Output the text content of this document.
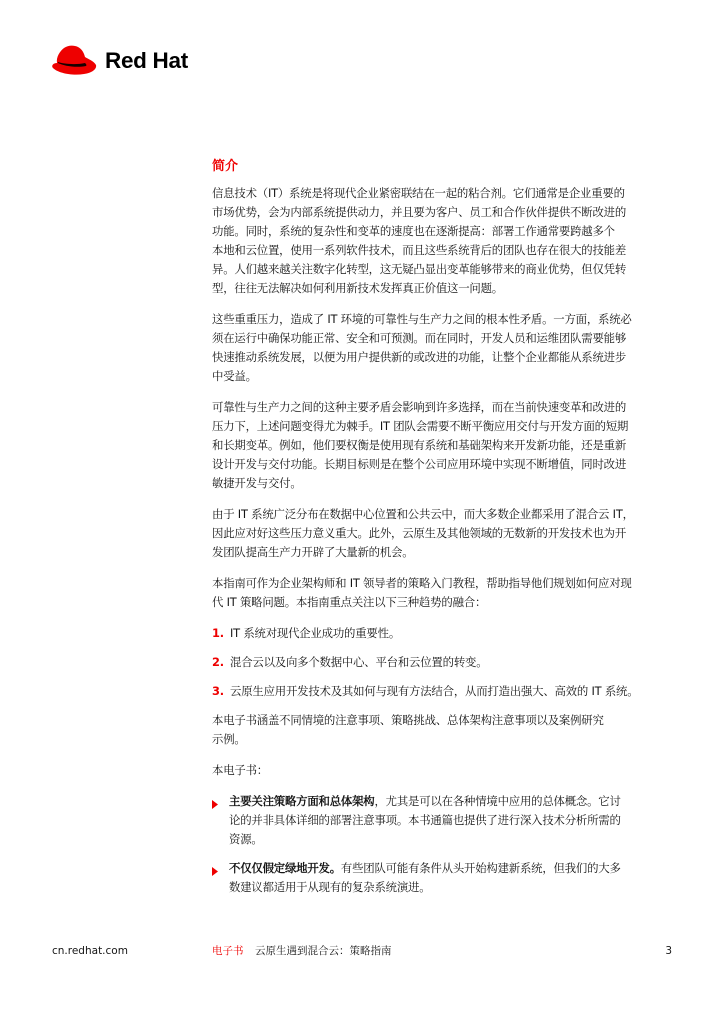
Red Hat
简介
信息技术（IT）系统是将现代企业紧密联结在一起的粘合剂。它们通常是企业重要的
市场优势，会为内部系统提供动力，并且要为客户、员工和合作伙伴提供不断改进的
功能。同时，系统的复杂性和变革的速度也在逐渐提高：部署工作通常要跨越多个
本地和云位置，使用一系列软件技术，而且这些系统背后的团队也存在很大的技能差
异。人们越来越关注数字化转型，这无疑凸显出变革能够带来的商业优势，但仅凭转
型，往往无法解决如何利用新技术发挥真正价值这一问题。
这些重重压力，造成了 IT 环境的可靠性与生产力之间的根本性矛盾。一方面，系统必
须在运行中确保功能正常、安全和可预测。而在同时，开发人员和运维团队需要能够
快速推动系统发展，以便为用户提供新的或改进的功能，让整个企业都能从系统进步
中受益。
可靠性与生产力之间的这种主要矛盾会影响到许多选择，而在当前快速变革和改进的
压力下，上述问题变得尤为棘手。IT 团队会需要不断平衡应用交付与开发方面的短期
和长期变革。例如，他们要权衡是使用现有系统和基础架构来开发新功能，还是重新
设计开发与交付功能。长期目标则是在整个公司应用环境中实现不断增值，同时改进
敏捷开发与交付。
由于 IT 系统广泛分布在数据中心位置和公共云中，而大多数企业都采用了混合云 IT，
因此应对好这些压力意义重大。此外，云原生及其他领域的无数新的开发技术也为开
发团队提高生产力开辟了大量新的机会。
本指南可作为企业架构师和 IT 领导者的策略入门教程，帮助指导他们规划如何应对现
代 IT 策略问题。本指南重点关注以下三种趋势的融合：
1. IT 系统对现代企业成功的重要性。
2. 混合云以及向多个数据中心、平台和云位置的转变。
3. 云原生应用开发技术及其如何与现有方法结合，从而打造出强大、高效的 IT 系统。
本电子书涵盖不同情境的注意事项、策略挑战、总体架构注意事项以及案例研究
示例。
本电子书：
主要关注策略方面和总体架构，尤其是可以在各种情境中应用的总体概念。它讨
论的并非具体详细的部署注意事项。本书通篇也提供了进行深入技术分析所需的
资源。
不仅仅假定绿地开发。有些团队可能有条件从头开始构建新系统，但我们的大多
数建议都适用于从现有的复杂系统演进。
cn.redhat.com	电子书 云原生遇到混合云：策略指南	3
